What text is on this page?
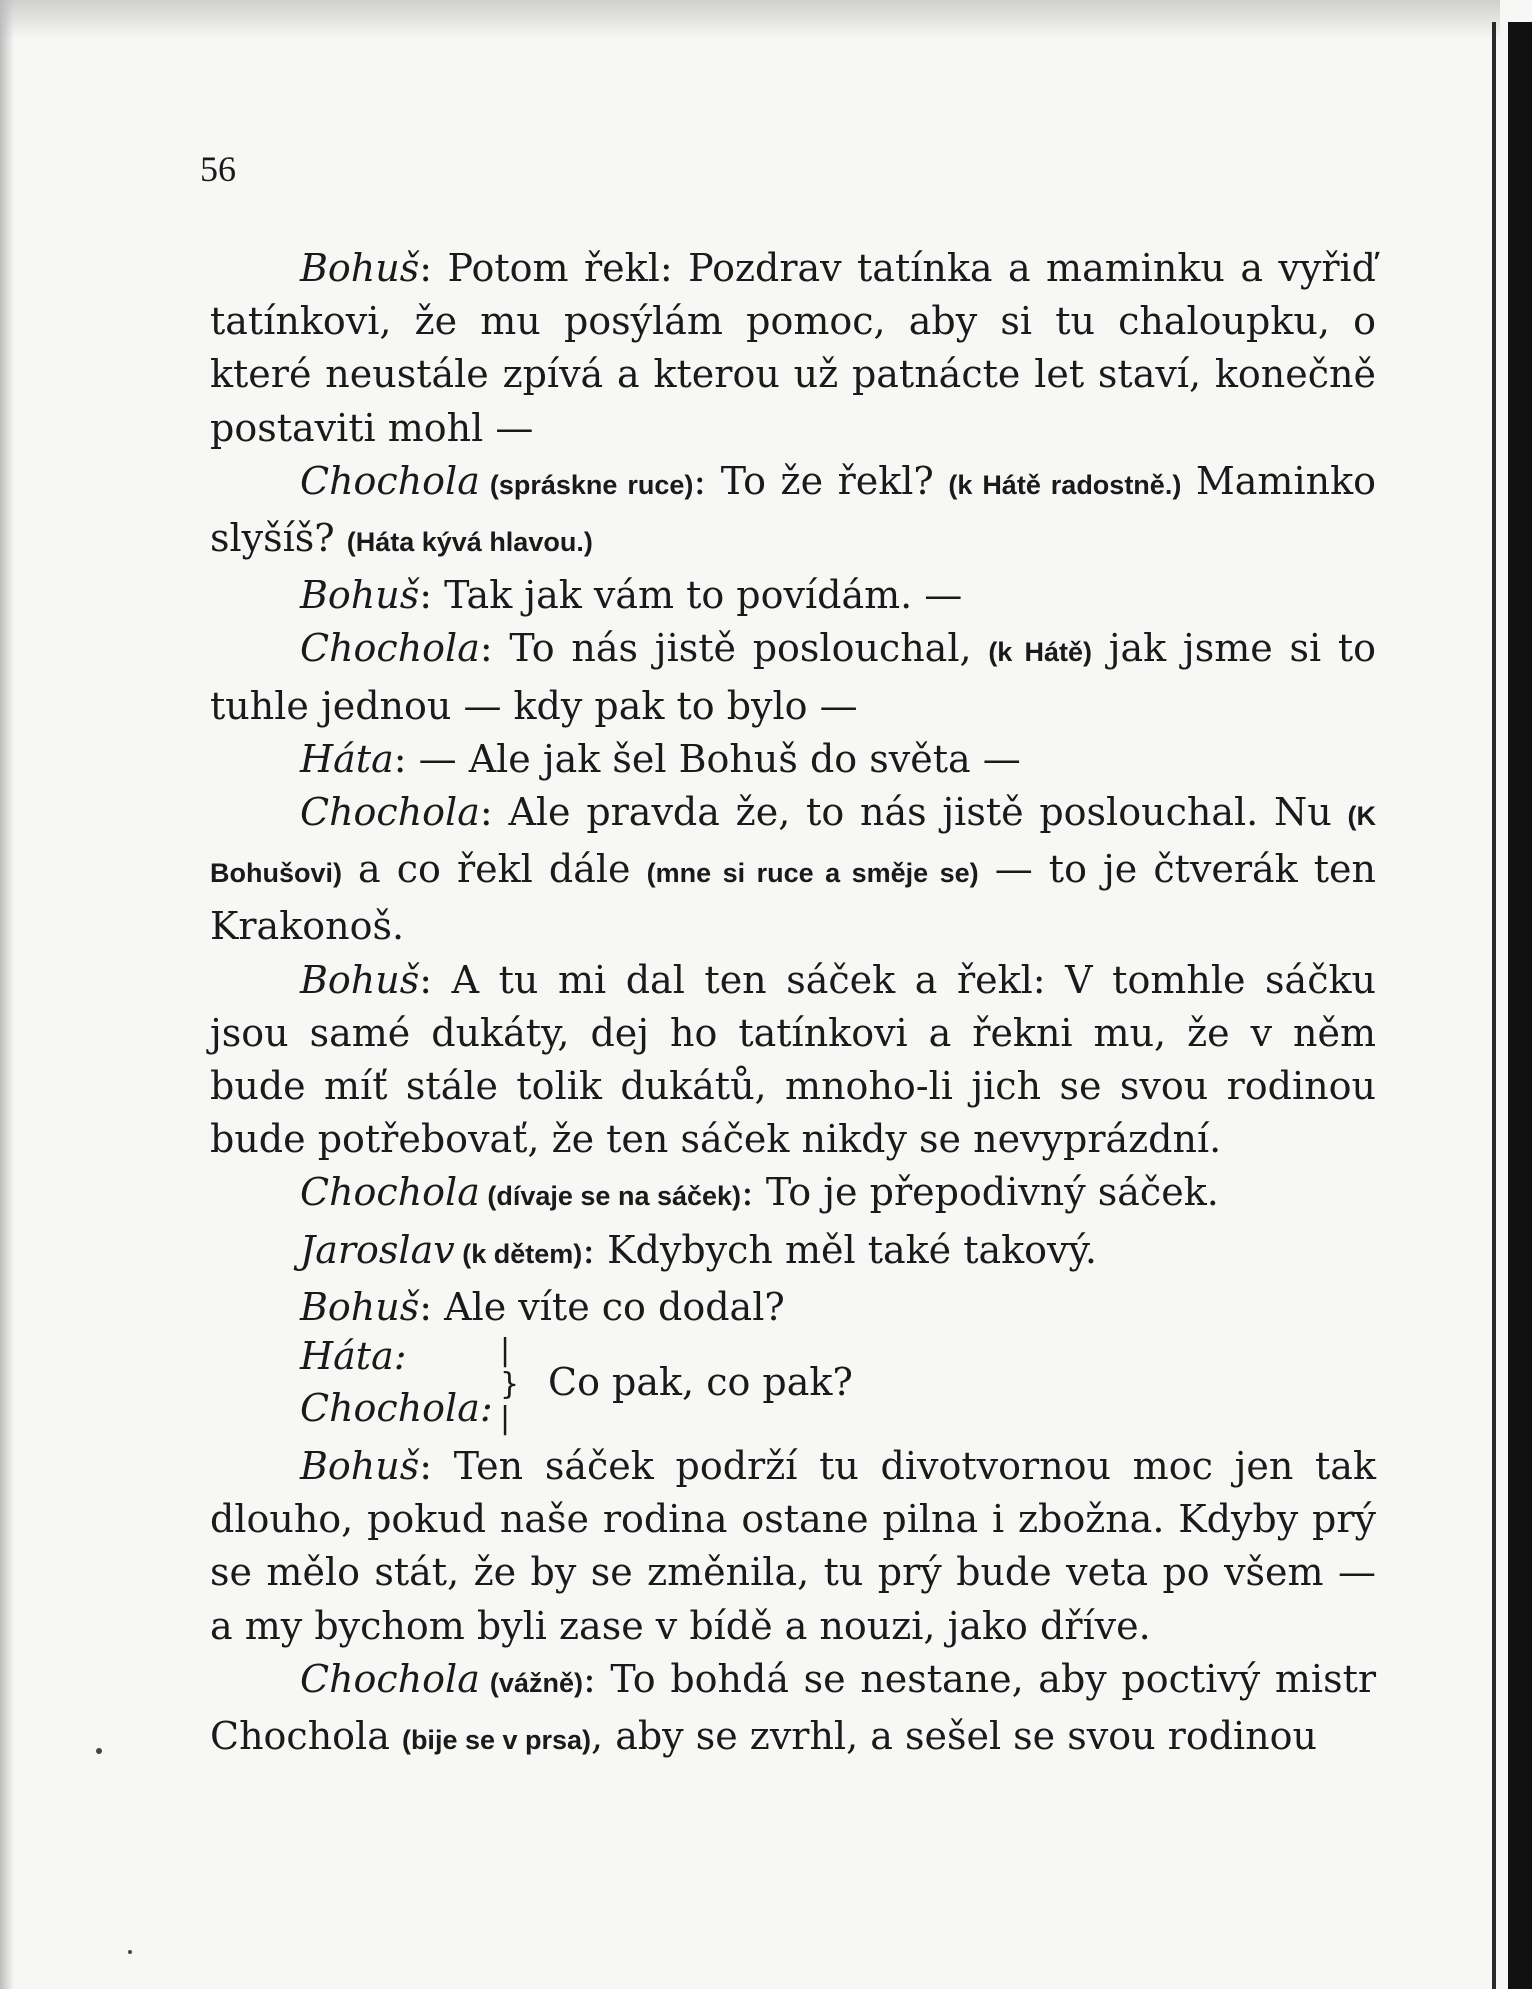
56

Bohuš: Potom řekl: Pozdrav tatínka a maminku a vyřiď tatínkovi, že mu posýlám pomoc, aby si tu chaloupku, o které neustále zpívá a kterou už patnácte let staví, konečně postaviti mohl —

Chochola (spráskne ruce): To že řekl? (k Hátě radostně.) Maminko slyšíš? (Háta kývá hlavou.)

Bohuš: Tak jak vám to povídám. —

Chochola: To nás jistě poslouchal, (k Hátě) jak jsme si to tuhle jednou — kdy pak to bylo —

Háta: — Ale jak šel Bohuš do světa —

Chochola: Ale pravda že, to nás jistě poslouchal. Nu (K Bohušovi) a co řekl dále (mne si ruce a směje se) — to je čtverák ten Krakonoš.

Bohuš: A tu mi dal ten sáček a řekl: V tomhle sáčku jsou samé dukáty, dej ho tatínkovi a řekni mu, že v něm bude míť stále tolik dukátů, mnoho-li jich se svou rodinou bude potřebovať, že ten sáček nikdy se nevyprázdní.

Chochola (dívaje se na sáček): To je přepodivný sáček.

Jaroslav (k dětem): Kdybych měl také takový.

Bohuš: Ale víte co dodal?

Háta:
Chochola:
|
}
|
Co pak, co pak?

Bohuš: Ten sáček podrží tu divotvornou moc jen tak dlouho, pokud naše rodina ostane pilna i zbožna. Kdyby prý se mělo stát, že by se změnila, tu prý bude veta po všem — a my bychom byli zase v bídě a nouzi, jako dříve.

Chochola (vážně): To bohdá se nestane, aby poctivý mistr Chochola (bije se v prsa), aby se zvrhl, a sešel se svou rodinou
